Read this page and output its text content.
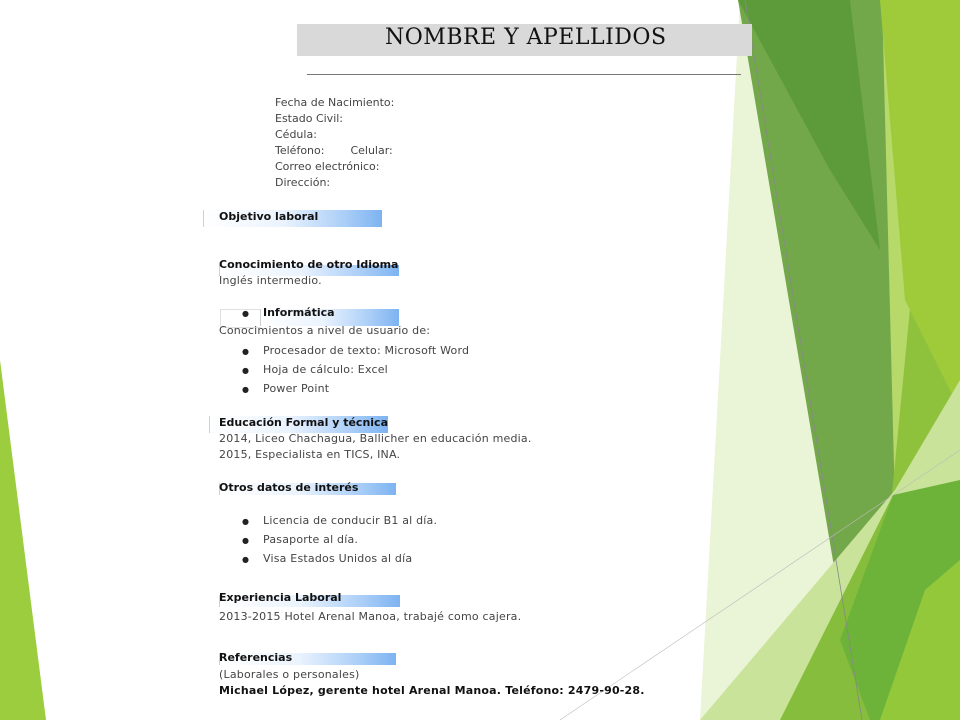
NOMBRE Y APELLIDOS
Fecha de Nacimiento:
Estado Civil:
Cédula:
Teléfono: Celular:
Correo electrónico:
Dirección:
Objetivo laboral
Conocimiento de otro Idioma
Inglés intermedio.
● Informática
Conocimientos a nivel de usuario de:
● Procesador de texto: Microsoft Word
● Hoja de cálculo: Excel
● Power Point
Educación Formal y técnica
2014, Liceo Chachagua, Ballicher en educación media.
2015, Especialista en TICS, INA.
Otros datos de interés
● Licencia de conducir B1 al día.
● Pasaporte al día.
● Visa Estados Unidos al día
Experiencia Laboral
2013-2015 Hotel Arenal Manoa, trabajé como cajera.
Referencias
(Laborales o personales)
Michael López, gerente hotel Arenal Manoa. Teléfono: 2479-90-28.
